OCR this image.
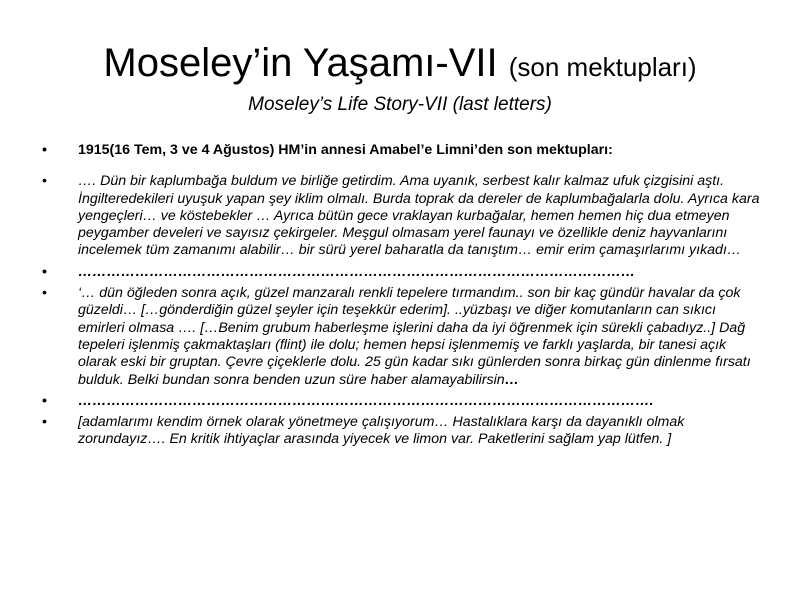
Moseley’in Yaşamı-VII (son mektupları)
Moseley’s Life Story-VII (last letters)
• 1915(16 Tem, 3 ve 4 Ağustos) HM’in annesi Amabel’e Limni’den son mektupları:
• …. Dün bir kaplumbağa buldum ve birliğe getirdim. Ama uyanık, serbest kalır kalmaz ufuk çizgisini aştı. İngilteredekileri uyuşuk yapan şey iklim olmalı. Burda toprak da dereler de kaplumbağalarla dolu. Ayrıca kara yengeçleri… ve köstebekler … Ayrıca bütün gece vraklayan kurbağalar, hemen hemen hiç dua etmeyen peygamber develeri ve sayısız çekirgeler. Meşgul olmasam yerel faunayı ve özellikle deniz hayvanlarını incelemek tüm zamanımı alabilir… bir sürü yerel baharatla da tanıştım… emir erim çamaşırlarımı yıkadı…
• ………………………………………………………………………………………………………
• ‘… dün öğleden sonra açık, güzel manzaralı renkli tepelere tırmandım.. son bir kaç gündür havalar da çok güzeldi… […gönderdiğin güzel şeyler için teşekkür ederim]. ..yüzbaşı ve diğer komutanların can sıkıcı emirleri olmasa …. […Benim grubum haberleşme işlerini daha da iyi öğrenmek için sürekli çabadıyz..] Dağ tepeleri işlenmiş çakmaktaşları (flint) ile dolu; hemen hepsi işlenmemiş ve farklı yaşlarda, bir tanesi açık olarak eski bir gruptan. Çevre çiçeklerle dolu. 25 gün kadar sıkı günlerden sonra birkaç gün dinlenme fırsatı bulduk. Belki bundan sonra benden uzun süre haber alamayabilirsin…
• ………………………………………………………………………………………………………….
• [adamlarımı kendim örnek olarak yönetmeye çalışıyorum… Hastalıklara karşı da dayanıklı olmak zorundayız…. En kritik ihtiyaçlar arasında yiyecek ve limon var. Paketlerini sağlam yap lütfen. ]
